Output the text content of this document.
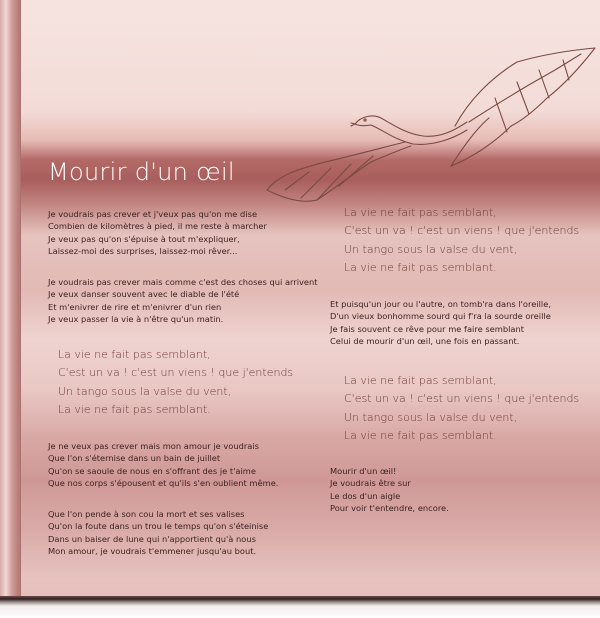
Mourir d'un œil
Je voudrais pas crever et j'veux pas qu'on me dise
Combien de kilomètres à pied, il me reste à marcher
Je veux pas qu'on s'épuise à tout m'expliquer,
Laissez-moi des surprises, laissez-moi rêver...
Je voudrais pas crever mais comme c'est des choses qui arrivent
Je veux danser souvent avec le diable de l'été
Et m'enivrer de rire et m'enivrer d'un rien
Je veux passer la vie à n'être qu'un matin.
La vie ne fait pas semblant,
C'est un va ! c'est un viens ! que j'entends
Un tango sous la valse du vent,
La vie ne fait pas semblant.
Je ne veux pas crever mais mon amour je voudrais
Que l'on s'éternise dans un bain de juillet
Qu'on se saoule de nous en s'offrant des je t'aime
Que nos corps s'épousent et qu'ils s'en oublient même.
Que l'on pende à son cou la mort et ses valises
Qu'on la foute dans un trou le temps qu'on s'éteinise
Dans un baiser de lune qui n'apportient qu'à nous
Mon amour, je voudrais t'emmener jusqu'au bout.
La vie ne fait pas semblant,
C'est un va ! c'est un viens ! que j'entends
Un tango sous la valse du vent,
La vie ne fait pas semblant.
Et puisqu'un jour ou l'autre, on tomb'ra dans l'oreille,
D'un vieux bonhomme sourd qui f'ra la sourde oreille
Je fais souvent ce rêve pour me faire semblant
Celui de mourir d'un œil, une fois en passant.
La vie ne fait pas semblant,
C'est un va ! c'est un viens ! que j'entends
Un tango sous la valse du vent,
La vie ne fait pas semblant.
Mourir d'un œil!
Je voudrais être sur
Le dos d'un aigle
Pour voir t'entendre, encore.
